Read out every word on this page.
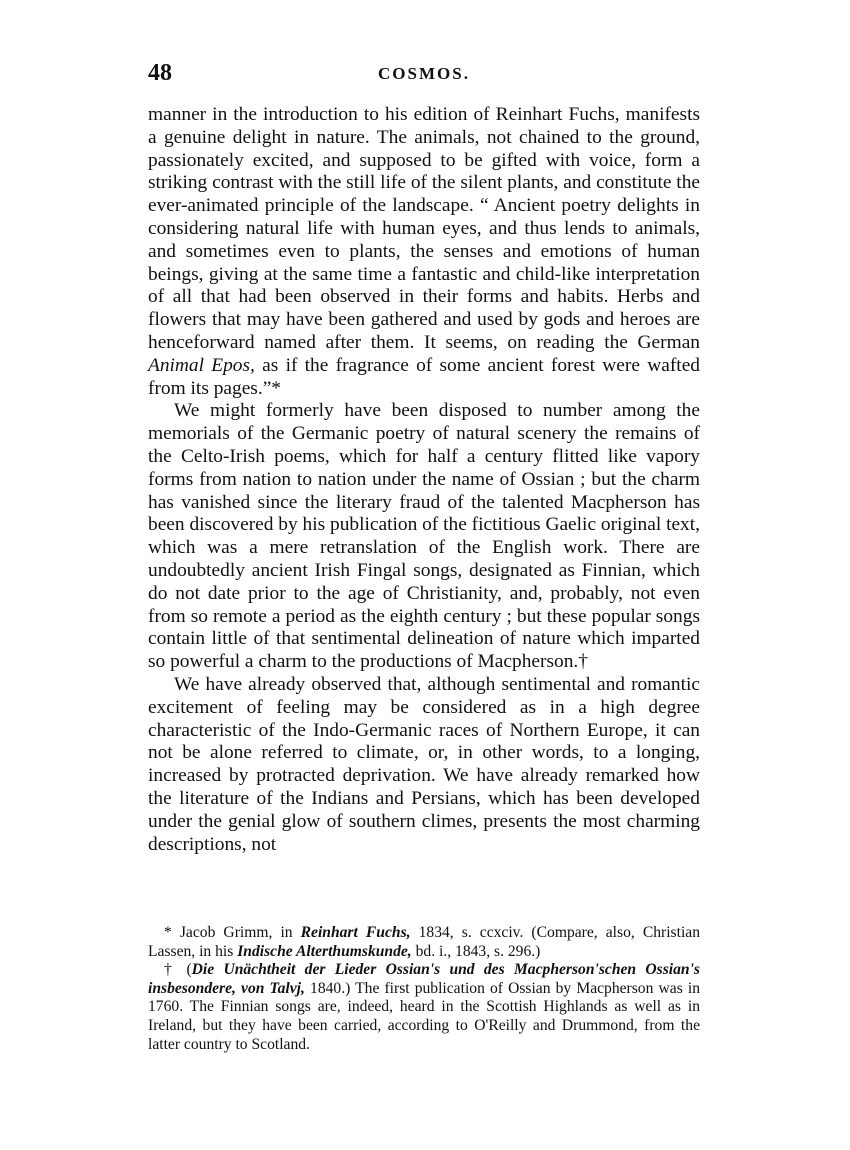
48	COSMOS.

manner in the introduction to his edition of Reinhart Fuchs, manifests a genuine delight in nature. The animals, not chained to the ground, passionately excited, and supposed to be gifted with voice, form a striking contrast with the still life of the silent plants, and constitute the ever-animated principle of the landscape. “ Ancient poetry delights in considering natural life with human eyes, and thus lends to animals, and sometimes even to plants, the senses and emotions of human beings, giving at the same time a fantastic and child-like interpretation of all that had been observed in their forms and habits. Herbs and flowers that may have been gathered and used by gods and heroes are henceforward named after them. It seems, on reading the German Animal Epos, as if the fragrance of some ancient forest were wafted from its pages.”*

We might formerly have been disposed to number among the memorials of the Germanic poetry of natural scenery the remains of the Celto-Irish poems, which for half a century flitted like vapory forms from nation to nation under the name of Ossian ; but the charm has vanished since the literary fraud of the talented Macpherson has been discovered by his publication of the fictitious Gaelic original text, which was a mere retranslation of the English work. There are undoubtedly ancient Irish Fingal songs, designated as Finnian, which do not date prior to the age of Christianity, and, probably, not even from so remote a period as the eighth century ; but these popular songs contain little of that sentimental delineation of nature which imparted so powerful a charm to the productions of Macpherson.†

We have already observed that, although sentimental and romantic excitement of feeling may be considered as in a high degree characteristic of the Indo-Germanic races of Northern Europe, it can not be alone referred to climate, or, in other words, to a longing, increased by protracted deprivation. We have already remarked how the literature of the Indians and Persians, which has been developed under the genial glow of southern climes, presents the most charming descriptions, not

* Jacob Grimm, in Reinhart Fuchs, 1834, s. ccxciv. (Compare, also, Christian Lassen, in his Indische Alterthumskunde, bd. i., 1843, s. 296.)

† (Die Unächtheit der Lieder Ossian's und des Macpherson'schen Ossian's insbesondere, von Talvj, 1840.) The first publication of Ossian by Macpherson was in 1760. The Finnian songs are, indeed, heard in the Scottish Highlands as well as in Ireland, but they have been carried, according to O'Reilly and Drummond, from the latter country to Scotland.
